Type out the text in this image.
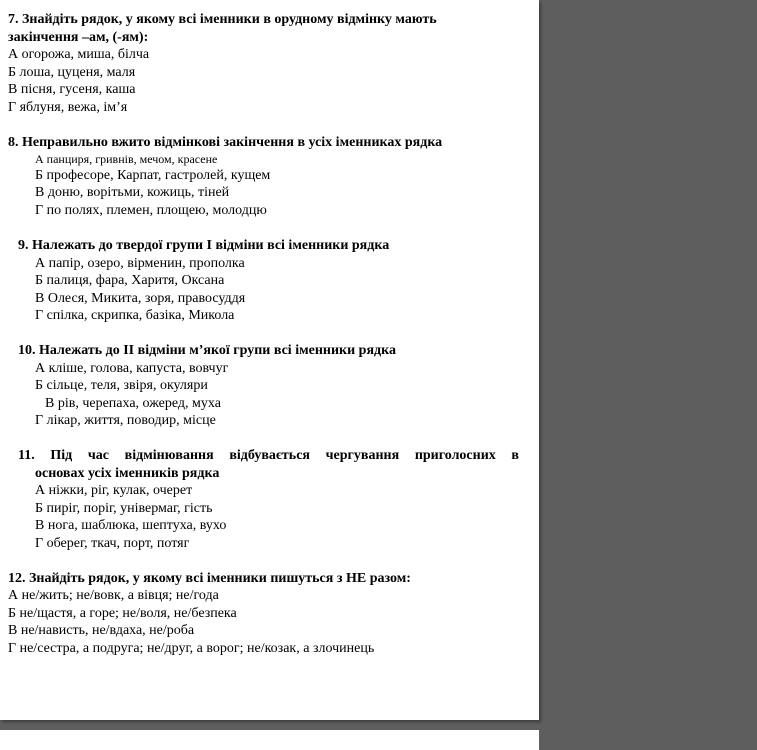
7. Знайдіть рядок, у якому всі іменники в орудному відмінку мають
закінчення –ам, (-ям):
А огорожа, миша, білча
Б лоша, цуценя, маля
В пісня, гусеня, каша
Г яблуня, вежа, ім’я
8. Неправильно вжито відмінкові закінчення в усіх іменниках рядка
А панциря, гривнів, мечом, красене
Б професоре, Карпат, гастролей, кущем
В доню, ворітьми, кожиць, тіней
Г по полях, племен, площею, молодцю
9. Належать до твердої групи І відміни всі іменники рядка
А папір, озеро, вірменин, прополка
Б палиця, фара, Харитя, Оксана
В Олеся, Микита, зоря, правосуддя
Г спілка, скрипка, базіка, Микола
10. Належать до ІІ відміни м’якої групи всі іменники рядка
А кліше, голова, капуста, вовчуг
Б сільце, теля, звіря, окуляри
В рів, черепаха, ожеред, муха
Г лікар, життя, поводир, місце
11. Під час відмінювання відбувається чергування приголосних в
основах усіх іменників рядка
А ніжки, ріг, кулак, очерет
Б пиріг, поріг, універмаг, гість
В нога, шаблюка, шептуха, вухо
Г оберег, ткач, порт, потяг
12. Знайдіть рядок, у якому всі іменники пишуться з НЕ разом:
А не/жить; не/вовк, а вівця; не/года
Б не/щастя, а горе; не/воля, не/безпека
В не/нависть, не/вдаха, не/роба
Г не/сестра, а подруга; не/друг, а ворог; не/козак, а злочинець
